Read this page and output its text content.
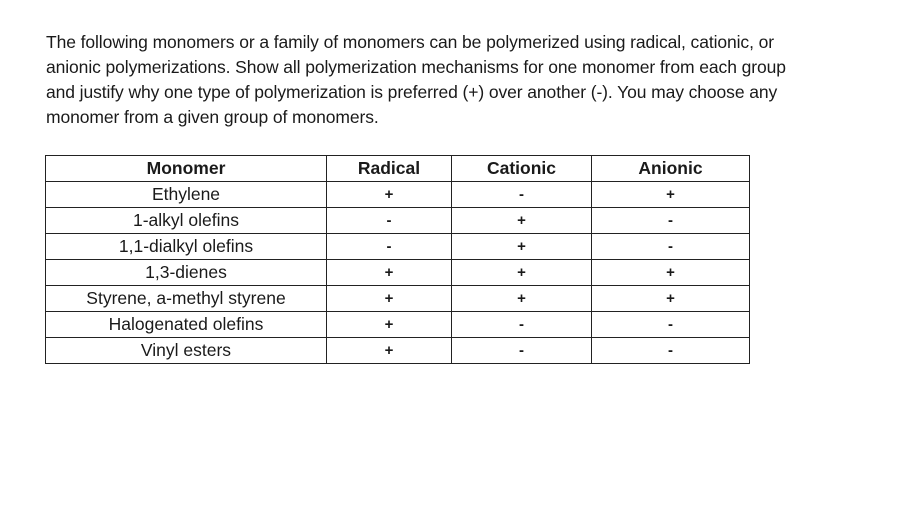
The following monomers or a family of monomers can be polymerized using radical, cationic, or
anionic polymerizations. Show all polymerization mechanisms for one monomer from each group
and justify why one type of polymerization is preferred (+) over another (-). You may choose any
monomer from a given group of monomers.
Monomer	Radical	Cationic	Anionic
Ethylene	+	-	+
1-alkyl olefins	-	+	-
1,1-dialkyl olefins	-	+	-
1,3-dienes	+	+	+
Styrene, a-methyl styrene	+	+	+
Halogenated olefins	+	-	-
Vinyl esters	+	-	-
